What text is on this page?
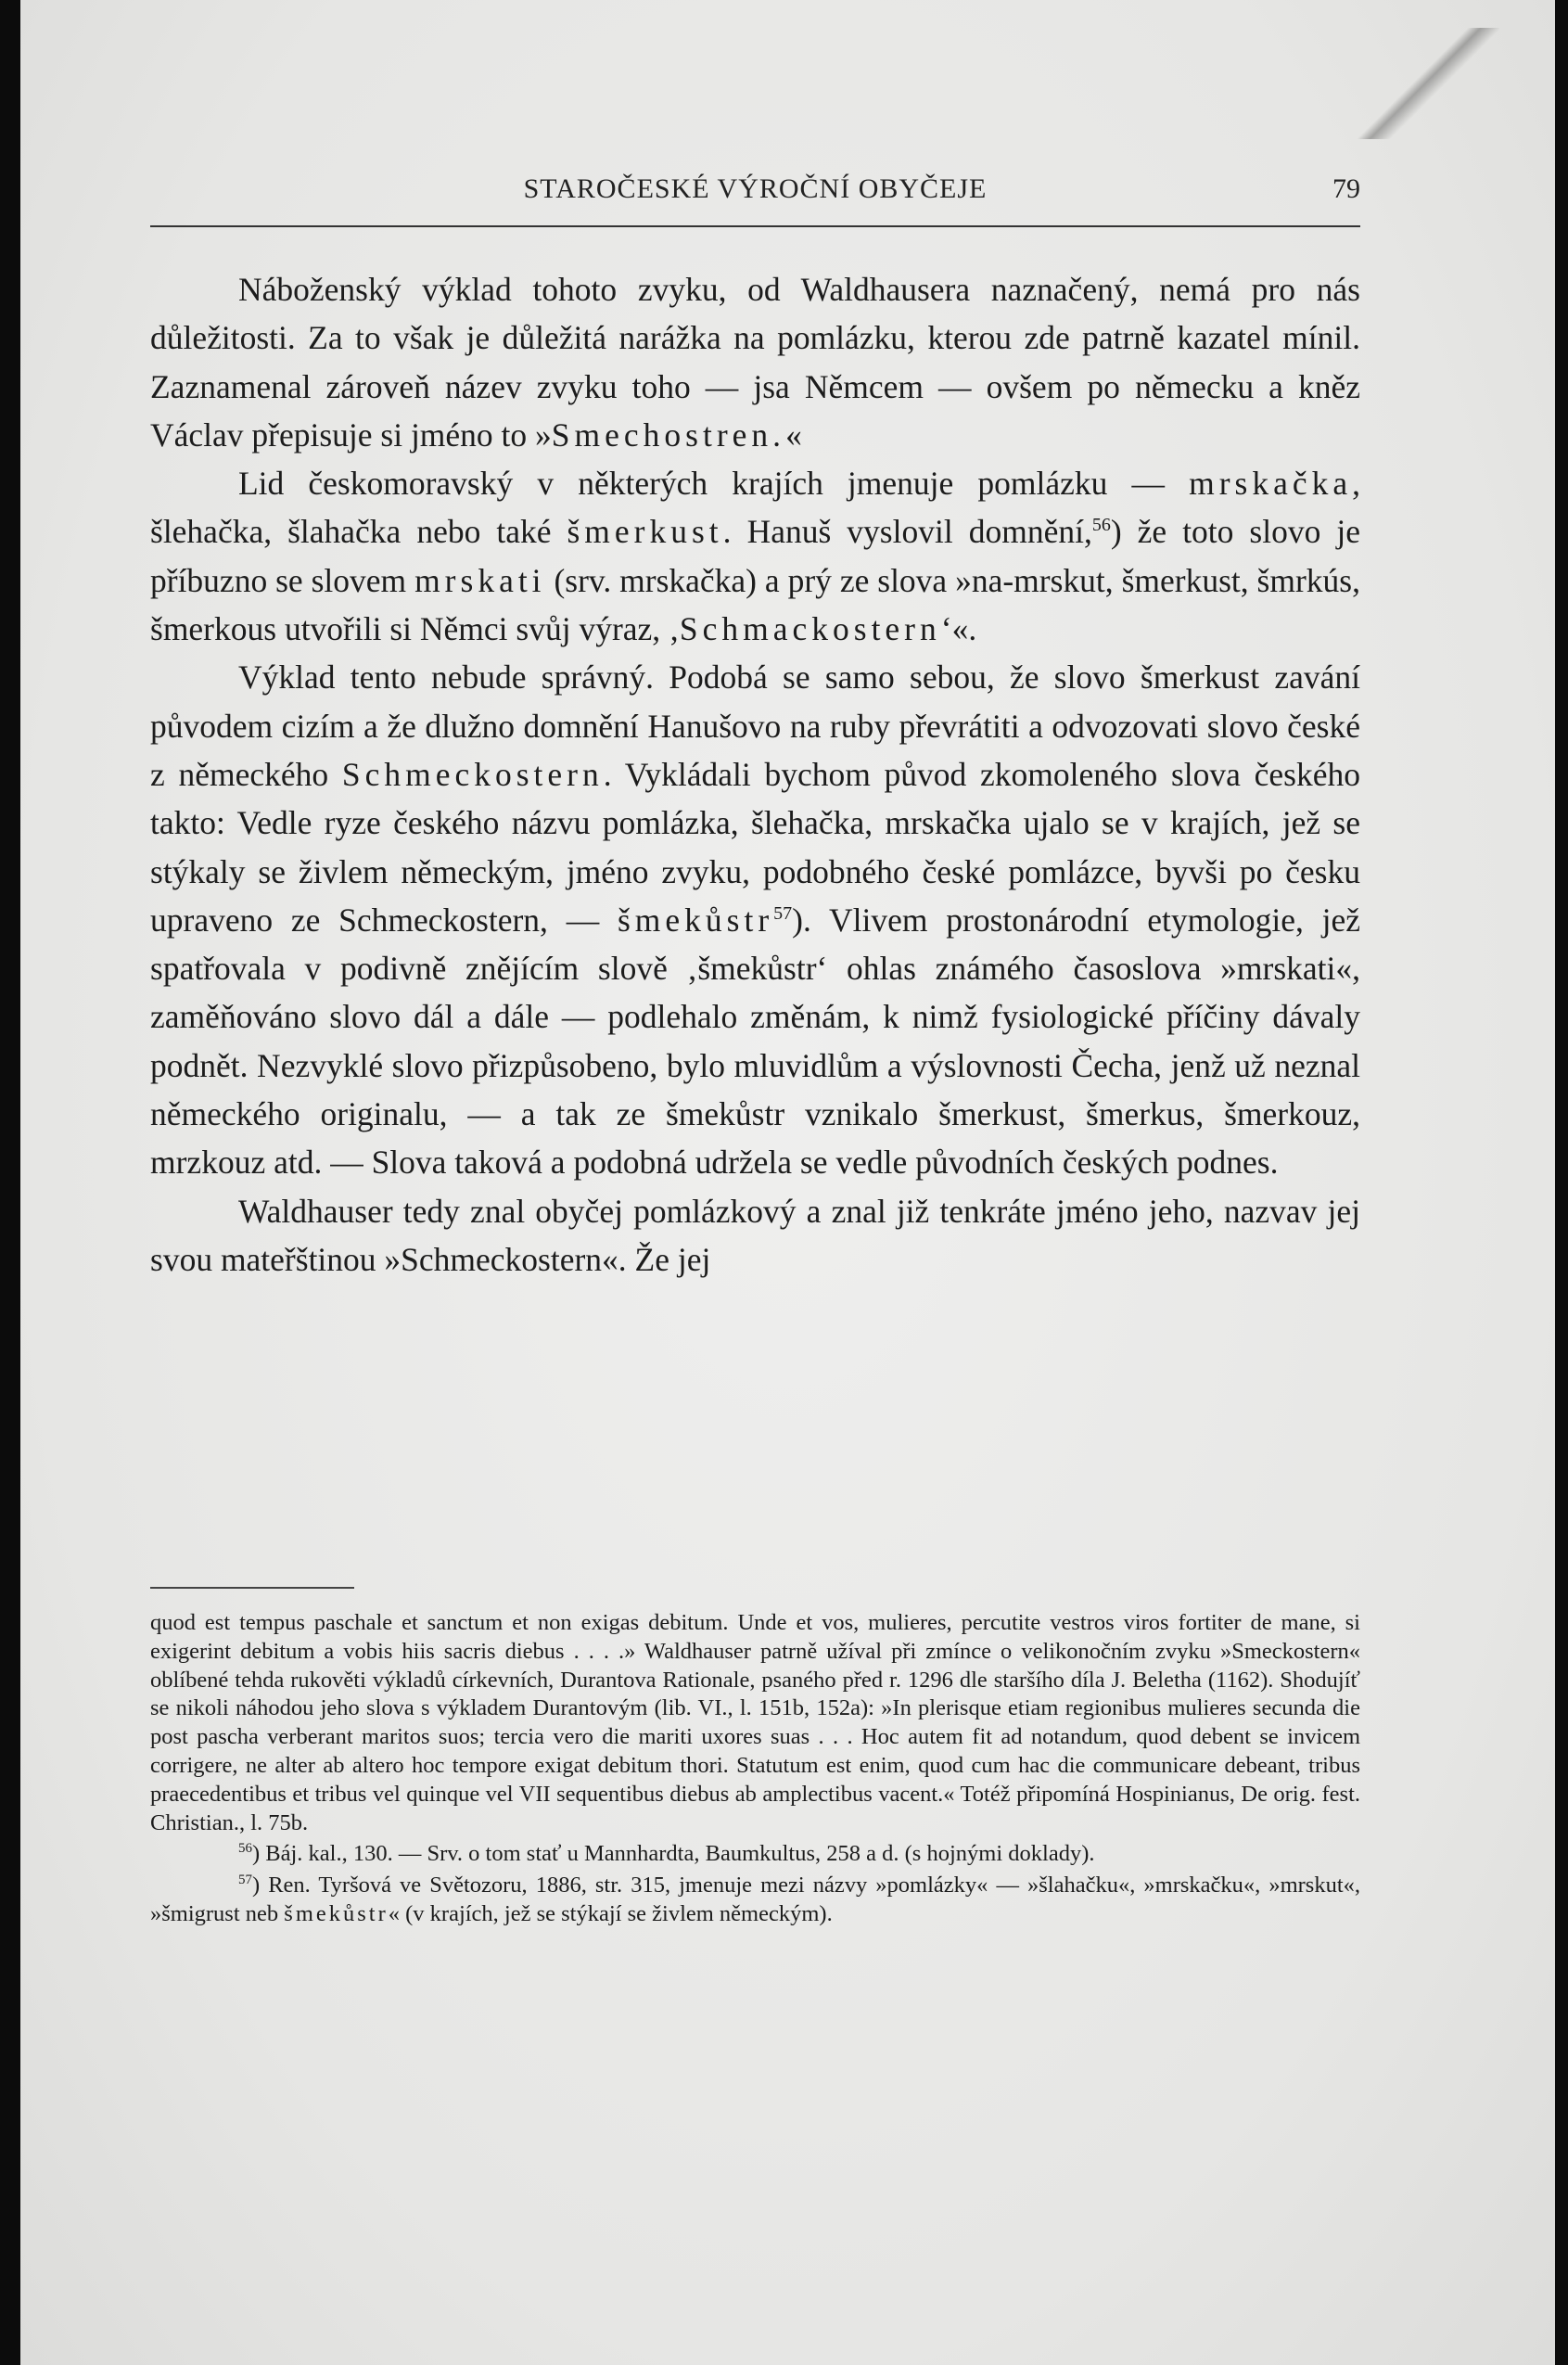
STAROČESKÉ VÝROČNÍ OBYČEJE	79

Náboženský výklad tohoto zvyku, od Waldhausera naznačený, nemá pro nás důležitosti. Za to však je důležitá narážka na pomlázku, kterou zde patrně kazatel mínil. Zaznamenal zároveň název zvyku toho — jsa Němcem — ovšem po německu a kněz Václav přepisuje si jméno to »Smechostren.«

Lid českomoravský v některých krajích jmenuje pomlázku — mrskačka, šlehačka, šlahačka nebo také šmerkust. Hanuš vyslovil domnění,$^{56}$) že toto slovo je příbuzno se slovem mrskati (srv. mrskačka) a prý ze slova »na-mrskut, šmerkust, šmrkús, šmerkous utvořili si Němci svůj výraz, ‚Schmackostern‘«.

Výklad tento nebude správný. Podobá se samo sebou, že slovo šmerkust zavání původem cizím a že dlužno domnění Hanušovo na ruby převrátiti a odvozovati slovo české z německého Schmeckostern. Vykládali bychom původ zkomoleného slova českého takto: Vedle ryze českého názvu pomlázka, šlehačka, mrskačka ujalo se v krajích, jež se stýkaly se živlem německým, jméno zvyku, podobného české pomlázce, byvši po česku upraveno ze Schmeckostern, — šmekůstr$^{57}$). Vlivem prostonárodní etymologie, jež spatřovala v podivně znějícím slově ‚šmekůstr‘ ohlas známého časoslova »mrskati«, zaměňováno slovo dál a dále — podlehalo změnám, k nimž fysiologické příčiny dávaly podnět. Nezvyklé slovo přizpůsobeno, bylo mluvidlům a výslovnosti Čecha, jenž už neznal německého originalu, — a tak ze šmekůstr vznikalo šmerkust, šmerkus, šmerkouz, mrzkouz atd. — Slova taková a podobná udržela se vedle původních českých podnes.

Waldhauser tedy znal obyčej pomlázkový a znal již tenkráte jméno jeho, nazvav jej svou mateřštinou »Schmeckostern«. Že jej

quod est tempus paschale et sanctum et non exigas debitum. Unde et vos, mulieres, percutite vestros viros fortiter de mane, si exigerint debitum a vobis hiis sacris diebus . . . .» Waldhauser patrně užíval při zmínce o velikonočním zvyku »Smeckostern« oblíbené tehda rukověti výkladů církevních, Durantova Rationale, psaného před r. 1296 dle staršího díla J. Beletha (1162). Shodujíť se nikoli náhodou jeho slova s výkladem Durantovým (lib. VI., l. 151b, 152a): »In plerisque etiam regionibus mulieres secunda die post pascha verberant maritos suos; tercia vero die mariti uxores suas . . . Hoc autem fit ad notandum, quod debent se invicem corrigere, ne alter ab altero hoc tempore exigat debitum thori. Statutum est enim, quod cum hac die communicare debeant, tribus praecedentibus et tribus vel quinque vel VII sequentibus diebus ab amplectibus vacent.« Totéž připomíná Hospinianus, De orig. fest. Christian., l. 75b.

$^{56}$) Báj. kal., 130. — Srv. o tom stať u Mannhardta, Baumkultus, 258 a d. (s hojnými doklady).

$^{57}$) Ren. Tyršová ve Světozoru, 1886, str. 315, jmenuje mezi názvy »pomlázky« — »šlahačku«, »mrskačku«, »mrskut«, »šmigrust neb šmekůstr« (v krajích, jež se stýkají se živlem německým).
